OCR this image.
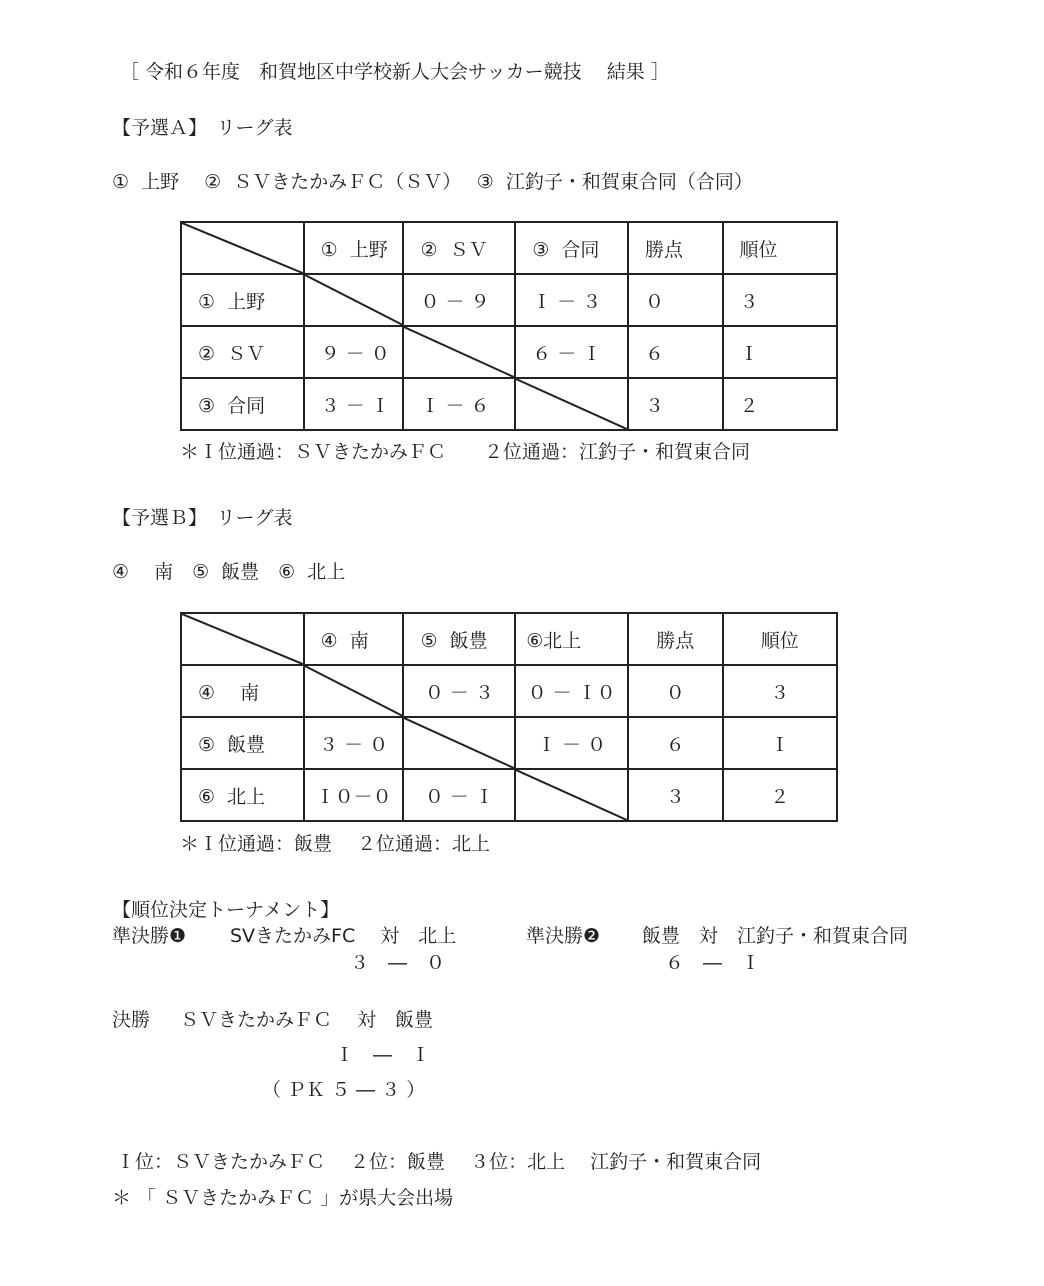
［ 令和６年度　和賀地区中学校新人大会サッカー競技　 結果 ］
【予選Ａ】　リーグ表
①  上野　 ②  ＳＶきたかみＦＣ（ＳＶ）　 ③  江釣子・和賀東合同（合同）
	①  上野	②  ＳＶ	③  合同	勝点	順位
①  上野		０ － ９	Ｉ － ３	０	３
②  ＳＶ	９ － ０		６ － Ｉ	６	Ｉ
③  合同	３ － Ｉ	Ｉ － ６		３	２
＊Ｉ位通過：ＳＶきたかみＦＣ　　２位通過：江釣子・和賀東合同
【予選Ｂ】　リーグ表
④　 南　⑤  飯豊　⑥  北上
	④  南	⑤  飯豊	⑥北上	勝点	順位
④　 南		０ － ３	０ － Ｉ０	０	３
⑤  飯豊	３ － ０		Ｉ － ０	６	Ｉ
⑥  北上	Ｉ０－０	０ － Ｉ		３	２
＊Ｉ位通過：飯豊　 ２位通過：北上
【順位決定トーナメント】
準決勝❶ SVきたかみFC　 対　北上
３　―　０
準決勝❷ 飯豊　対　江釣子・和賀東合同
６　―　Ｉ
決勝 ＳＶきたかみＦＣ　 対　飯豊
Ｉ　―　Ｉ
（ ＰＫ ５ ― ３ ）
Ｉ位：ＳＶきたかみＦＣ　 ２位：飯豊　 ３位：北上　 江釣子・和賀東合同
＊ 「 ＳＶきたかみＦＣ 」が県大会出場
